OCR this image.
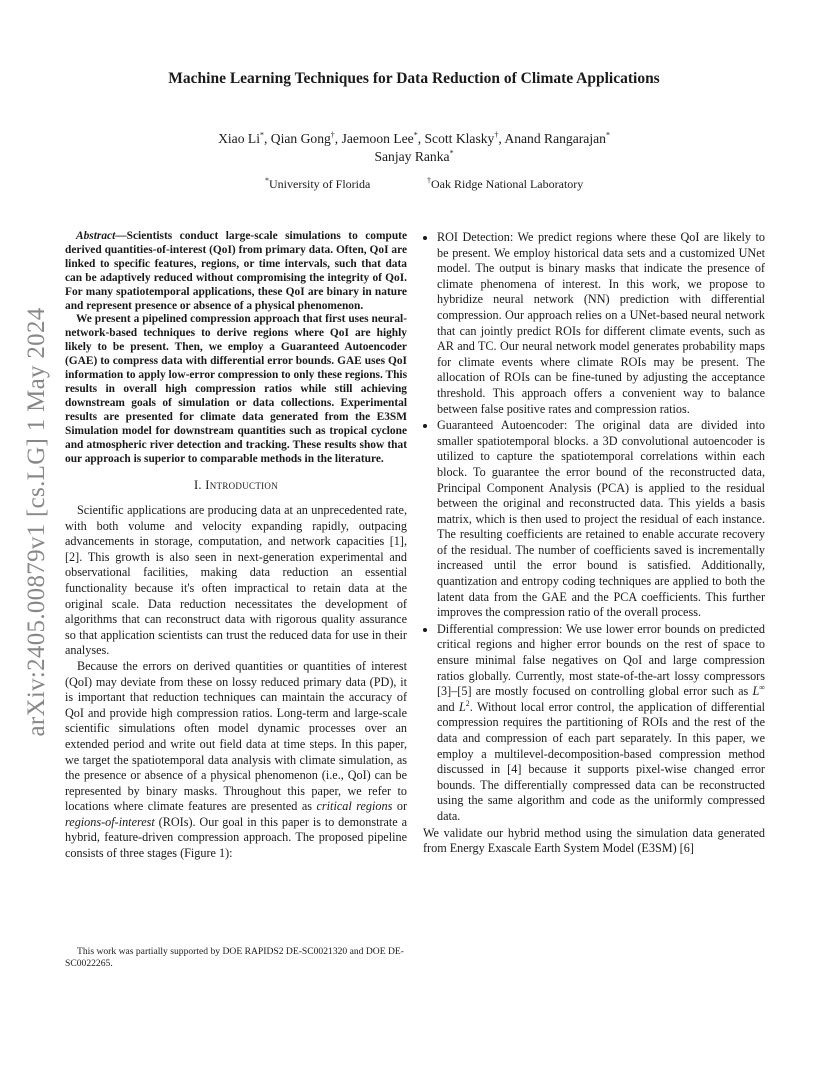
arXiv:2405.00879v1 [cs.LG] 1 May 2024
Machine Learning Techniques for Data Reduction of Climate Applications
Xiao Li*, Qian Gong†, Jaemoon Lee*, Scott Klasky†, Anand Rangarajan*
Sanjay Ranka*
*University of Florida	†Oak Ridge National Laboratory

Abstract—Scientists conduct large-scale simulations to compute derived quantities-of-interest (QoI) from primary data. Often, QoI are linked to specific features, regions, or time intervals, such that data can be adaptively reduced without compromising the integrity of QoI. For many spatiotemporal applications, these QoI are binary in nature and represent presence or absence of a physical phenomenon.

We present a pipelined compression approach that first uses neural-network-based techniques to derive regions where QoI are highly likely to be present. Then, we employ a Guaranteed Autoencoder (GAE) to compress data with differential error bounds. GAE uses QoI information to apply low-error compression to only these regions. This results in overall high compression ratios while still achieving downstream goals of simulation or data collections. Experimental results are presented for climate data generated from the E3SM Simulation model for downstream quantities such as tropical cyclone and atmospheric river detection and tracking. These results show that our approach is superior to comparable methods in the literature.

I. Introduction

Scientific applications are producing data at an unprecedented rate, with both volume and velocity expanding rapidly, outpacing advancements in storage, computation, and network capacities [1], [2]. This growth is also seen in next-generation experimental and observational facilities, making data reduction an essential functionality because it's often impractical to retain data at the original scale. Data reduction necessitates the development of algorithms that can reconstruct data with rigorous quality assurance so that application scientists can trust the reduced data for use in their analyses.

Because the errors on derived quantities or quantities of interest (QoI) may deviate from these on lossy reduced primary data (PD), it is important that reduction techniques can maintain the accuracy of QoI and provide high compression ratios. Long-term and large-scale scientific simulations often model dynamic processes over an extended period and write out field data at time steps. In this paper, we target the spatiotemporal data analysis with climate simulation, as the presence or absence of a physical phenomenon (i.e., QoI) can be represented by binary masks. Throughout this paper, we refer to locations where climate features are presented as critical regions or regions-of-interest (ROIs). Our goal in this paper is to demonstrate a hybrid, feature-driven compression approach. The proposed pipeline consists of three stages (Figure 1):

This work was partially supported by DOE RAPIDS2 DE-SC0021320 and DOE DE-SC0022265.

• ROI Detection: We predict regions where these QoI are likely to be present. We employ historical data sets and a customized UNet model. The output is binary masks that indicate the presence of climate phenomena of interest. In this work, we propose to hybridize neural network (NN) prediction with differential compression. Our approach relies on a UNet-based neural network that can jointly predict ROIs for different climate events, such as AR and TC. Our neural network model generates probability maps for climate events where climate ROIs may be present. The allocation of ROIs can be fine-tuned by adjusting the acceptance threshold. This approach offers a convenient way to balance between false positive rates and compression ratios.
• Guaranteed Autoencoder: The original data are divided into smaller spatiotemporal blocks. a 3D convolutional autoencoder is utilized to capture the spatiotemporal correlations within each block. To guarantee the error bound of the reconstructed data, Principal Component Analysis (PCA) is applied to the residual between the original and reconstructed data. This yields a basis matrix, which is then used to project the residual of each instance. The resulting coefficients are retained to enable accurate recovery of the residual. The number of coefficients saved is incrementally increased until the error bound is satisfied. Additionally, quantization and entropy coding techniques are applied to both the latent data from the GAE and the PCA coefficients. This further improves the compression ratio of the overall process.
• Differential compression: We use lower error bounds on predicted critical regions and higher error bounds on the rest of space to ensure minimal false negatives on QoI and large compression ratios globally. Currently, most state-of-the-art lossy compressors [3]–[5] are mostly focused on controlling global error such as L∞ and $L^2$. Without local error control, the application of differential compression requires the partitioning of ROIs and the rest of the data and compression of each part separately. In this paper, we employ a multilevel-decomposition-based compression method discussed in [4] because it supports pixel-wise changed error bounds. The differentially compressed data can be reconstructed using the same algorithm and code as the uniformly compressed data.

We validate our hybrid method using the simulation data generated from Energy Exascale Earth System Model (E3SM) [6]
